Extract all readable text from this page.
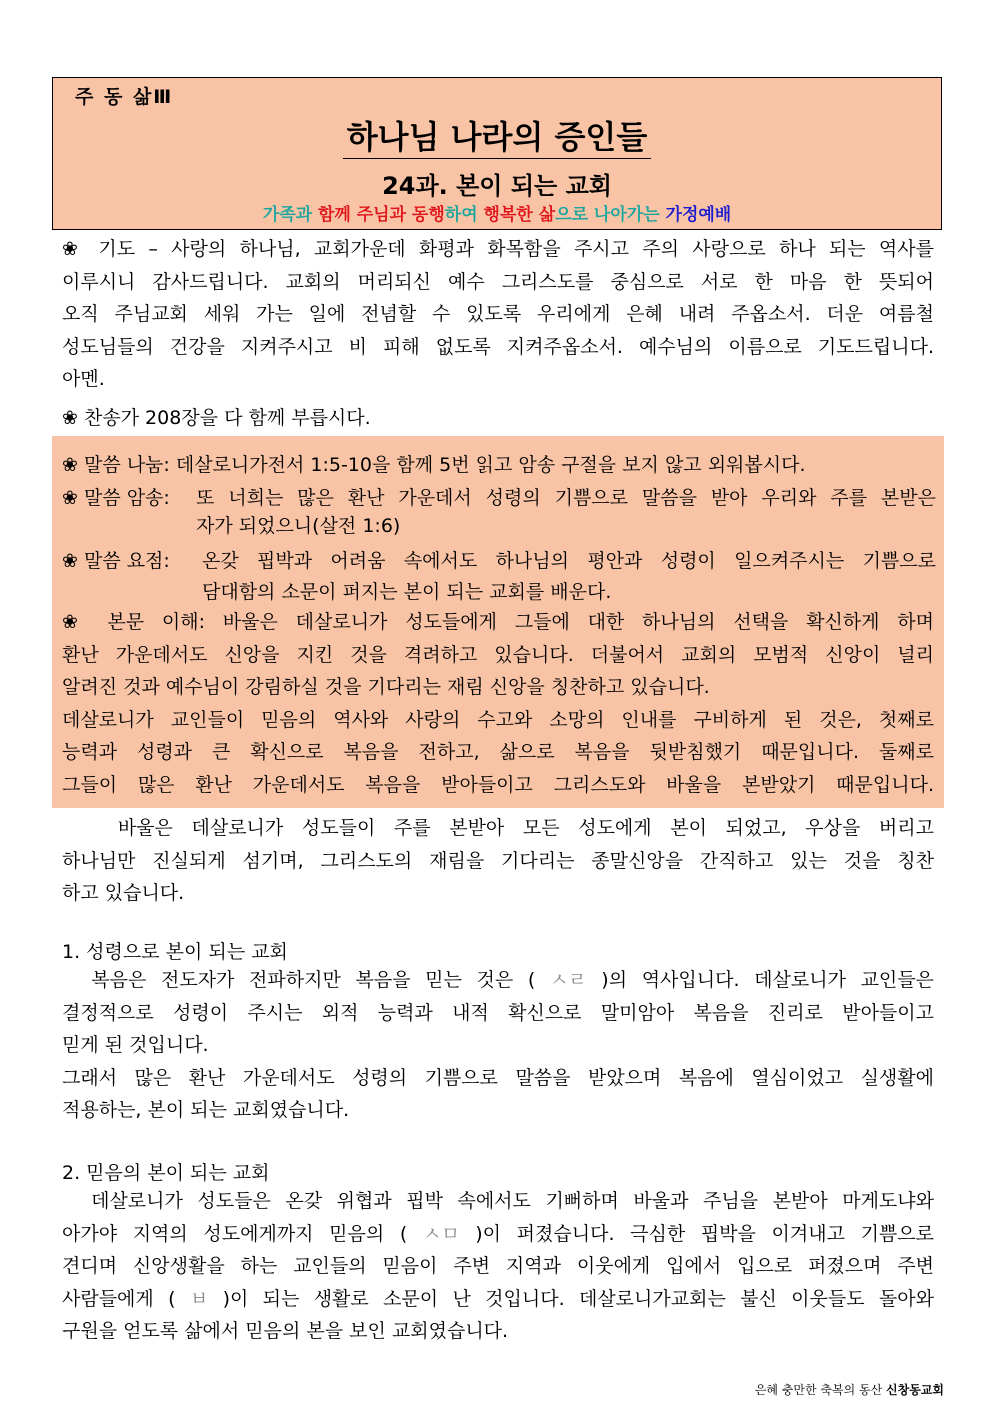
주 동 삶Ⅲ
하나님 나라의 증인들
24과. 본이 되는 교회
가족과 함께 주님과 동행하여 행복한 삶으로 나아가는 가정예배
❀ 기도 – 사랑의 하나님, 교회가운데 화평과 화목함을 주시고 주의 사랑으로 하나 되는 역사를
이루시니 감사드립니다. 교회의 머리되신 예수 그리스도를 중심으로 서로 한 마음 한 뜻되어
오직 주님교회 세워 가는 일에 전념할 수 있도록 우리에게 은혜 내려 주옵소서. 더운 여름철
성도님들의 건강을 지켜주시고 비 피해 없도록 지켜주옵소서. 예수님의 이름으로 기도드립니다.
아멘.
❀ 찬송가 208장을 다 함께 부릅시다.
❀ 말씀 나눔: 데살로니가전서 1:5-10을 함께 5번 읽고 암송 구절을 보지 않고 외워봅시다.
❀ 말씀 암송: 또 너희는 많은 환난 가운데서 성령의 기쁨으로 말씀을 받아 우리와 주를 본받은
자가 되었으니(살전 1:6)
❀ 말씀 요점: 온갖 핍박과 어려움 속에서도 하나님의 평안과 성령이 일으켜주시는 기쁨으로
담대함의 소문이 퍼지는 본이 되는 교회를 배운다.
❀ 본문 이해: 바울은 데살로니가 성도들에게 그들에 대한 하나님의 선택을 확신하게 하며
환난 가운데서도 신앙을 지킨 것을 격려하고 있습니다. 더불어서 교회의 모범적 신앙이 널리
알려진 것과 예수님이 강림하실 것을 기다리는 재림 신앙을 칭찬하고 있습니다.
데살로니가 교인들이 믿음의 역사와 사랑의 수고와 소망의 인내를 구비하게 된 것은, 첫째로
능력과 성령과 큰 확신으로 복음을 전하고, 삶으로 복음을 뒷받침했기 때문입니다. 둘째로
그들이 많은 환난 가운데서도 복음을 받아들이고 그리스도와 바울을 본받았기 때문입니다.
바울은 데살로니가 성도들이 주를 본받아 모든 성도에게 본이 되었고, 우상을 버리고
하나님만 진실되게 섬기며, 그리스도의 재림을 기다리는 종말신앙을 간직하고 있는 것을 칭찬
하고 있습니다.
1. 성령으로 본이 되는 교회
복음은 전도자가 전파하지만 복음을 믿는 것은 ( ㅅㄹ )의 역사입니다. 데살로니가 교인들은
결정적으로 성령이 주시는 외적 능력과 내적 확신으로 말미암아 복음을 진리로 받아들이고
믿게 된 것입니다.
그래서 많은 환난 가운데서도 성령의 기쁨으로 말씀을 받았으며 복음에 열심이었고 실생활에
적용하는, 본이 되는 교회였습니다.
2. 믿음의 본이 되는 교회
데살로니가 성도들은 온갖 위협과 핍박 속에서도 기뻐하며 바울과 주님을 본받아 마게도냐와
아가야 지역의 성도에게까지 믿음의 ( ㅅㅁ )이 퍼졌습니다. 극심한 핍박을 이겨내고 기쁨으로
견디며 신앙생활을 하는 교인들의 믿음이 주변 지역과 이웃에게 입에서 입으로 퍼졌으며 주변
사람들에게 ( ㅂ )이 되는 생활로 소문이 난 것입니다. 데살로니가교회는 불신 이웃들도 돌아와
구원을 얻도록 삶에서 믿음의 본을 보인 교회였습니다.
은혜 충만한 축복의 동산 신창동교회
